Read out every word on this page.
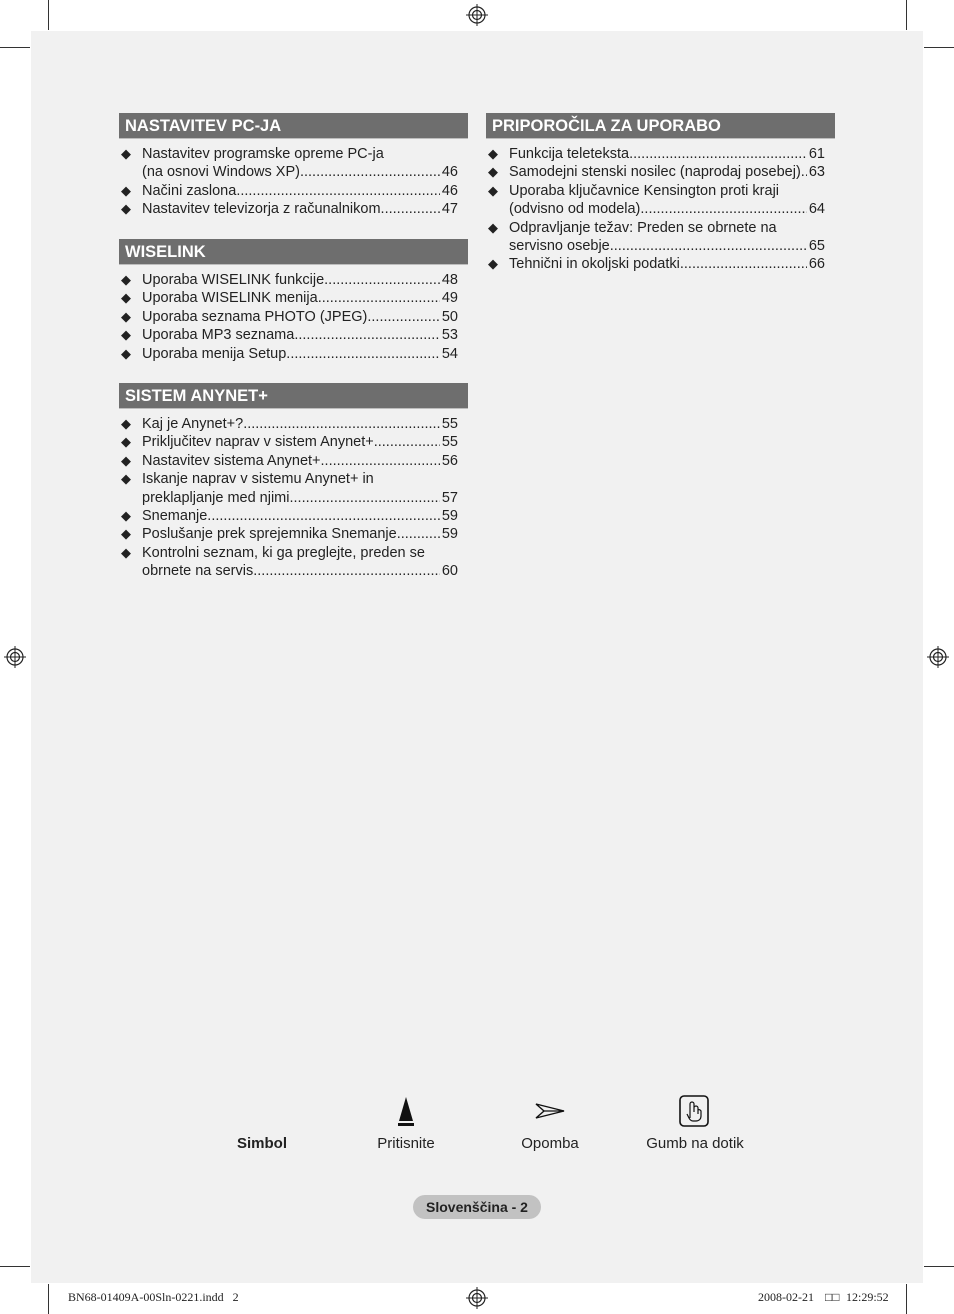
NASTAVITEV PC-JA
◆ Nastavitev programske opreme PC-ja
(na osnovi Windows XP) .....	46
◆ Načini zaslona .....	46
◆ Nastavitev televizorja z računalnikom .....	47
WISELINK
◆ Uporaba WISELINK funkcije .....	48
◆ Uporaba WISELINK menija .....	49
◆ Uporaba seznama PHOTO (JPEG) .....	50
◆ Uporaba MP3 seznama .....	53
◆ Uporaba menija Setup .....	54
SISTEM ANYNET+
◆ Kaj je Anynet+? .....	55
◆ Priključitev naprav v sistem Anynet+ .....	55
◆ Nastavitev sistema Anynet+ .....	56
◆ Iskanje naprav v sistemu Anynet+ in
preklapljanje med njimi .....	57
◆ Snemanje .....	59
◆ Poslušanje prek sprejemnika Snemanje .....	59
◆ Kontrolni seznam, ki ga preglejte, preden se
obrnete na servis .....	60
PRIPOROČILA ZA UPORABO
◆ Funkcija teleteksta .....	61
◆ Samodejni stenski nosilec (naprodaj posebej) ..... 63
◆ Uporaba ključavnice Kensington proti kraji
(odvisno od modela) .....	64
◆ Odpravljanje težav: Preden se obrnete na
servisno osebje .....	65
◆ Tehnični in okoljski podatki .....	66
Simbol	Pritisnite	Opomba	Gumb na dotik
Slovenščina - 2
BN68-01409A-00Sln-0221.indd   2	2008-02-21 □□ 12:29:52
